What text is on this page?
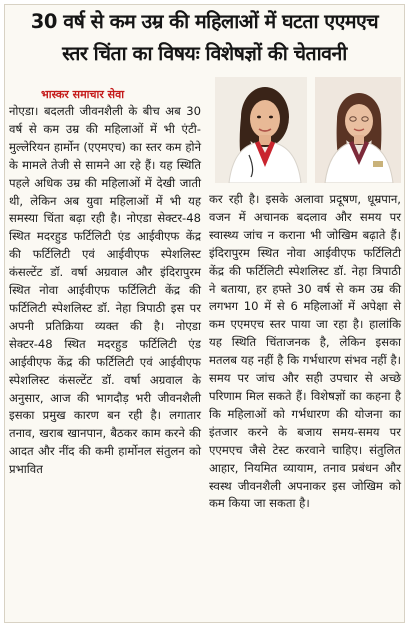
30 वर्ष से कम उम्र की महिलाओं में घटता एएमएच
स्तर चिंता का विषयः विशेषज्ञों की चेतावनी
भास्कर समाचार सेवा

नोएडा। बदलती जीवनशैली के बीच अब 30 वर्ष से कम उम्र की महिलाओं में भी एंटी-मुल्लेरियन हार्मोन (एएमएच) का स्तर कम होने के मामले तेजी से सामने आ रहे हैं। यह स्थिति पहले अधिक उम्र की महिलाओं में देखी जाती थी, लेकिन अब युवा महिलाओं में भी यह समस्या चिंता बढ़ा रही है। नोएडा सेक्टर-48 स्थित मदरहुड फर्टिलिटी एंड आईवीएफ केंद्र की फर्टिलिटी एवं आईवीएफ स्पेशलिस्ट कंसल्टेंट डॉ. वर्षा अग्रवाल और इंदिरापुरम स्थित नोवा आईवीएफ फर्टिलिटी केंद्र की फर्टिलिटी स्पेशलिस्ट डॉ. नेहा त्रिपाठी इस पर अपनी प्रतिक्रिया व्यक्त की है। नोएडा सेक्टर-48 स्थित मदरहुड फर्टिलिटी एंड आईवीएफ केंद्र की फर्टिलिटी एवं आईवीएफ स्पेशलिस्ट कंसल्टेंट डॉ. वर्षा अग्रवाल के अनुसार, आज की भागदौड़ भरी जीवनशैली इसका प्रमुख कारण बन रही है। लगातार तनाव, खराब खानपान, बैठकर काम करने की आदत और नींद की कमी हार्मोनल संतुलन को प्रभावित

कर रही है। इसके अलावा प्रदूषण, धूम्रपान, वजन में अचानक बदलाव और समय पर स्वास्थ्य जांच न कराना भी जोखिम बढ़ाते हैं। इंदिरापुरम स्थित नोवा आईवीएफ फर्टिलिटी केंद्र की फर्टिलिटी स्पेशलिस्ट डॉ. नेहा त्रिपाठी ने बताया, हर हफ्ते 30 वर्ष से कम उम्र की लगभग 10 में से 6 महिलाओं में अपेक्षा से कम एएमएच स्तर पाया जा रहा है। हालांकि यह स्थिति चिंताजनक है, लेकिन इसका मतलब यह नहीं है कि गर्भधारण संभव नहीं है। समय पर जांच और सही उपचार से अच्छे परिणाम मिल सकते हैं। विशेषज्ञों का कहना है कि महिलाओं को गर्भधारण की योजना का इंतजार करने के बजाय समय-समय पर एएमएच जैसे टेस्ट करवाने चाहिए। संतुलित आहार, नियमित व्यायाम, तनाव प्रबंधन और स्वस्थ जीवनशैली अपनाकर इस जोखिम को कम किया जा सकता है।
